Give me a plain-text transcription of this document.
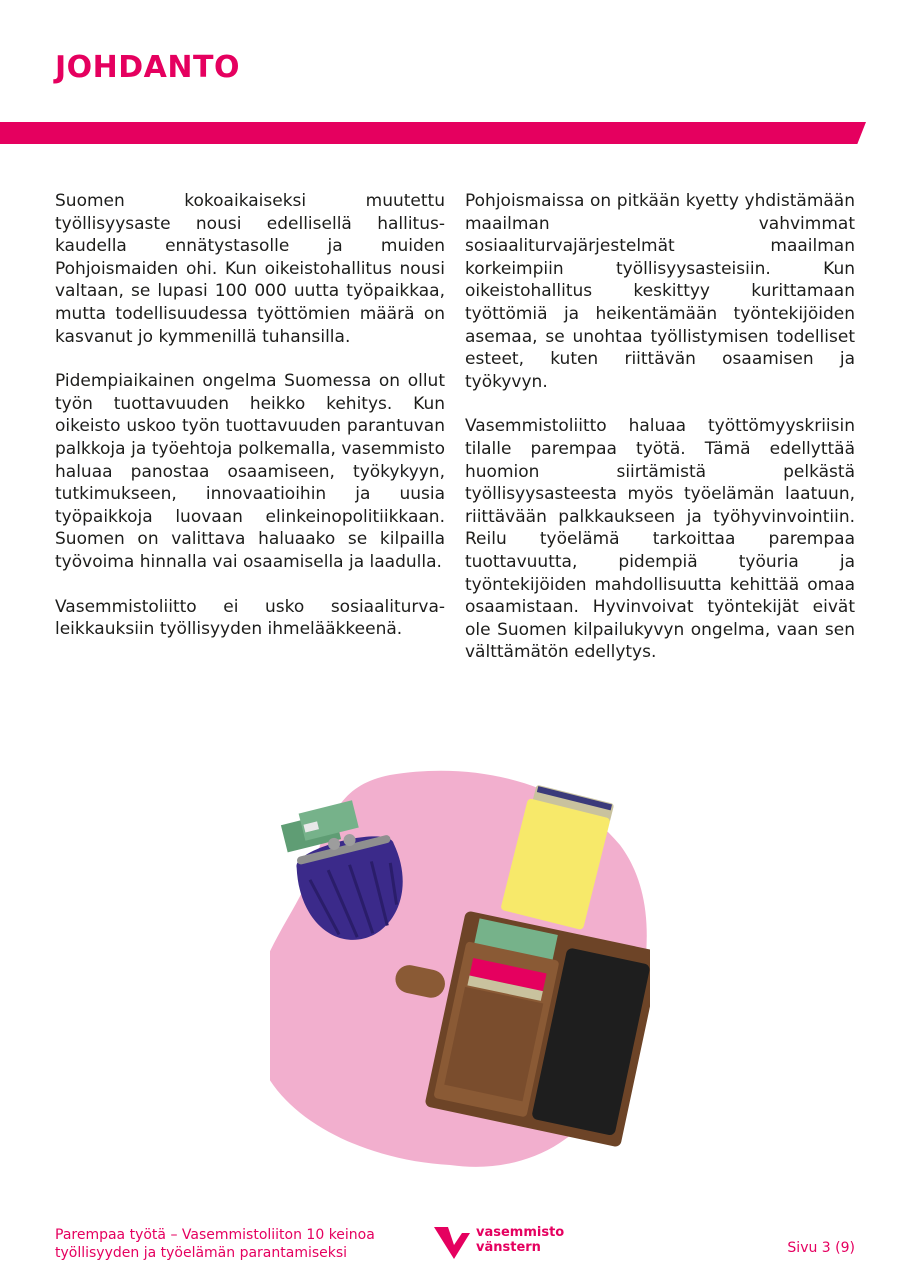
JOHDANTO

Suomen kokoaikaiseksi muutettu työllisyysaste nousi edellisellä hallituskaudella ennätystasolle ja muiden Pohjoismaiden ohi. Kun oikeistohallitus nousi valtaan, se lupasi 100 000 uutta työpaikkaa, mutta todellisuudessa työttömien määrä on kasvanut jo kymmenillä tuhansilla.

Pidempiaikainen ongelma Suomessa on ollut työn tuottavuuden heikko kehitys. Kun oikeisto uskoo työn tuottavuuden parantuvan palkkoja ja työehtoja polkemalla, vasemmisto haluaa panostaa osaamiseen, työkykyyn, tutkimukseen, innovaatioihin ja uusia työpaikkoja luovaan elinkeinopolitiikkaan. Suomen on valittava haluaako se kilpailla työvoima hinnalla vai osaamisella ja laadulla.

Vasemmistoliitto ei usko sosiaaliturvaleikkauksiin työllisyyden ihmelääkkeenä.

Pohjoismaissa on pitkään kyetty yhdistämään maailman vahvimmat sosiaaliturvajärjestelmät maailman korkeimpiin työllisyysasteisiin. Kun oikeistohallitus keskittyy kurittamaan työttömiä ja heikentämään työntekijöiden asemaa, se unohtaa työllistymisen todelliset esteet, kuten riittävän osaamisen ja työkyvyn.

Vasemmistoliitto haluaa työttömyyskriisin tilalle parempaa työtä. Tämä edellyttää huomion siirtämistä pelkästä työllisyysasteesta myös työelämän laatuun, riittävään palkkaukseen ja työhyvinvointiin. Reilu työelämä tarkoittaa parempaa tuottavuutta, pidempiä työuria ja työntekijöiden mahdollisuutta kehittää omaa osaamistaan. Hyvinvoivat työntekijät eivät ole Suomen kilpailukyvyn ongelma, vaan sen välttämätön edellytys.

Parempaa työtä – Vasemmistoliiton 10 keinoa
työllisyyden ja työelämän parantamiseksi
vasemmisto
vänstern	Sivu 3 (9)
